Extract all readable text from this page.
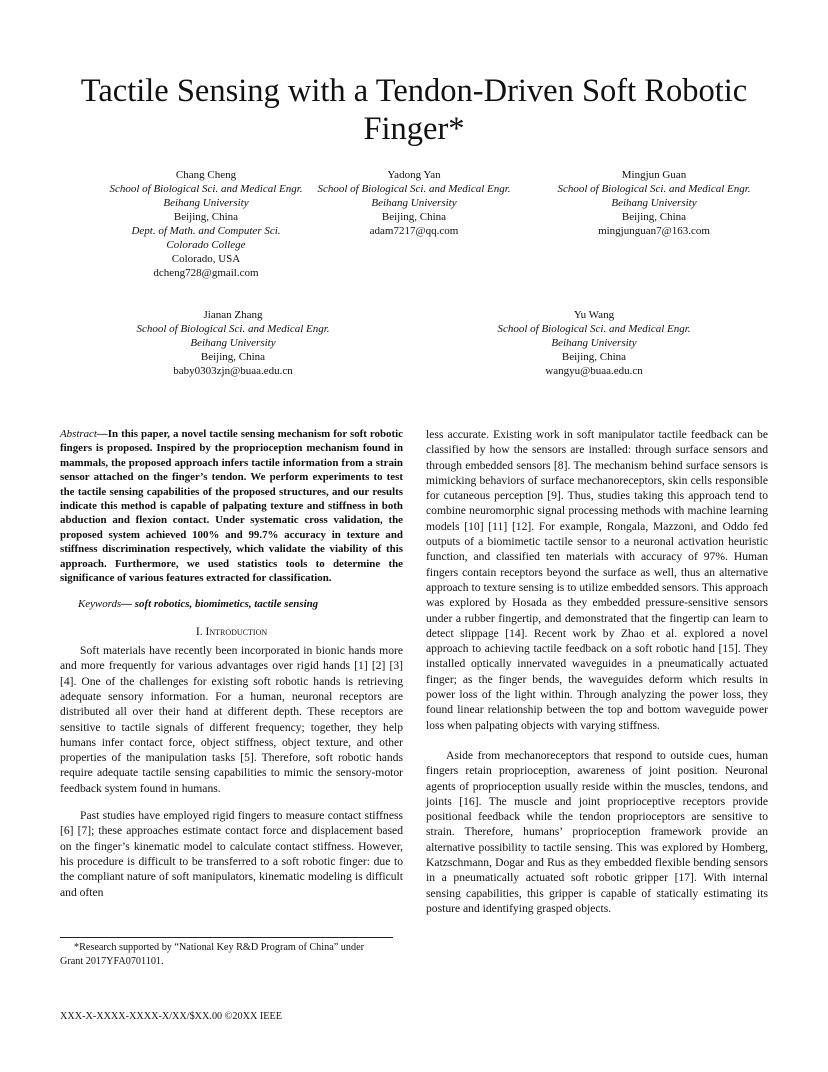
Tactile Sensing with a Tendon-Driven Soft Robotic Finger*
Chang Cheng
School of Biological Sci. and Medical Engr.
Beihang University
Beijing, China
Dept. of Math. and Computer Sci.
Colorado College
Colorado, USA
dcheng728@gmail.com
Yadong Yan
School of Biological Sci. and Medical Engr.
Beihang University
Beijing, China
adam7217@qq.com
Mingjun Guan
School of Biological Sci. and Medical Engr.
Beihang University
Beijing, China
mingjunguan7@163.com
Jianan Zhang
School of Biological Sci. and Medical Engr.
Beihang University
Beijing, China
baby0303zjn@buaa.edu.cn
Yu Wang
School of Biological Sci. and Medical Engr.
Beihang University
Beijing, China
wangyu@buaa.edu.cn

Abstract—In this paper, a novel tactile sensing mechanism for soft robotic fingers is proposed. Inspired by the proprioception mechanism found in mammals, the proposed approach infers tactile information from a strain sensor attached on the finger’s tendon. We perform experiments to test the tactile sensing capabilities of the proposed structures, and our results indicate this method is capable of palpating texture and stiffness in both abduction and flexion contact. Under systematic cross validation, the proposed system achieved 100% and 99.7% accuracy in texture and stiffness discrimination respectively, which validate the viability of this approach. Furthermore, we used statistics tools to determine the significance of various features extracted for classification.

Keywords— soft robotics, biomimetics, tactile sensing

I. Introduction

Soft materials have recently been incorporated in bionic hands more and more frequently for various advantages over rigid hands [1] [2] [3] [4]. One of the challenges for existing soft robotic hands is retrieving adequate sensory information. For a human, neuronal receptors are distributed all over their hand at different depth. These receptors are sensitive to tactile signals of different frequency; together, they help humans infer contact force, object stiffness, object texture, and other properties of the manipulation tasks [5]. Therefore, soft robotic hands require adequate tactile sensing capabilities to mimic the sensory-motor feedback system found in humans.

Past studies have employed rigid fingers to measure contact stiffness [6] [7]; these approaches estimate contact force and displacement based on the finger’s kinematic model to calculate contact stiffness. However, his procedure is difficult to be transferred to a soft robotic finger: due to the compliant nature of soft manipulators, kinematic modeling is difficult and often

less accurate. Existing work in soft manipulator tactile feedback can be classified by how the sensors are installed: through surface sensors and through embedded sensors [8]. The mechanism behind surface sensors is mimicking behaviors of surface mechanoreceptors, skin cells responsible for cutaneous perception [9]. Thus, studies taking this approach tend to combine neuromorphic signal processing methods with machine learning models [10] [11] [12]. For example, Rongala, Mazzoni, and Oddo fed outputs of a biomimetic tactile sensor to a neuronal activation heuristic function, and classified ten materials with accuracy of 97%. Human fingers contain receptors beyond the surface as well, thus an alternative approach to texture sensing is to utilize embedded sensors. This approach was explored by Hosada as they embedded pressure-sensitive sensors under a rubber fingertip, and demonstrated that the fingertip can learn to detect slippage [14]. Recent work by Zhao et al. explored a novel approach to achieving tactile feedback on a soft robotic hand [15]. They installed optically innervated waveguides in a pneumatically actuated finger; as the finger bends, the waveguides deform which results in power loss of the light within. Through analyzing the power loss, they found linear relationship between the top and bottom waveguide power loss when palpating objects with varying stiffness.

Aside from mechanoreceptors that respond to outside cues, human fingers retain proprioception, awareness of joint position. Neuronal agents of proprioception usually reside within the muscles, tendons, and joints [16]. The muscle and joint proprioceptive receptors provide positional feedback while the tendon proprioceptors are sensitive to strain. Therefore, humans’ proprioception framework provide an alternative possibility to tactile sensing. This was explored by Homberg, Katzschmann, Dogar and Rus as they embedded flexible bending sensors in a pneumatically actuated soft robotic gripper [17]. With internal sensing capabilities, this gripper is capable of statically estimating its posture and identifying grasped objects.

*Research supported by “National Key R&D Program of China” under
Grant 2017YFA0701101.
XXX-X-XXXX-XXXX-X/XX/$XX.00 ©20XX IEEE
